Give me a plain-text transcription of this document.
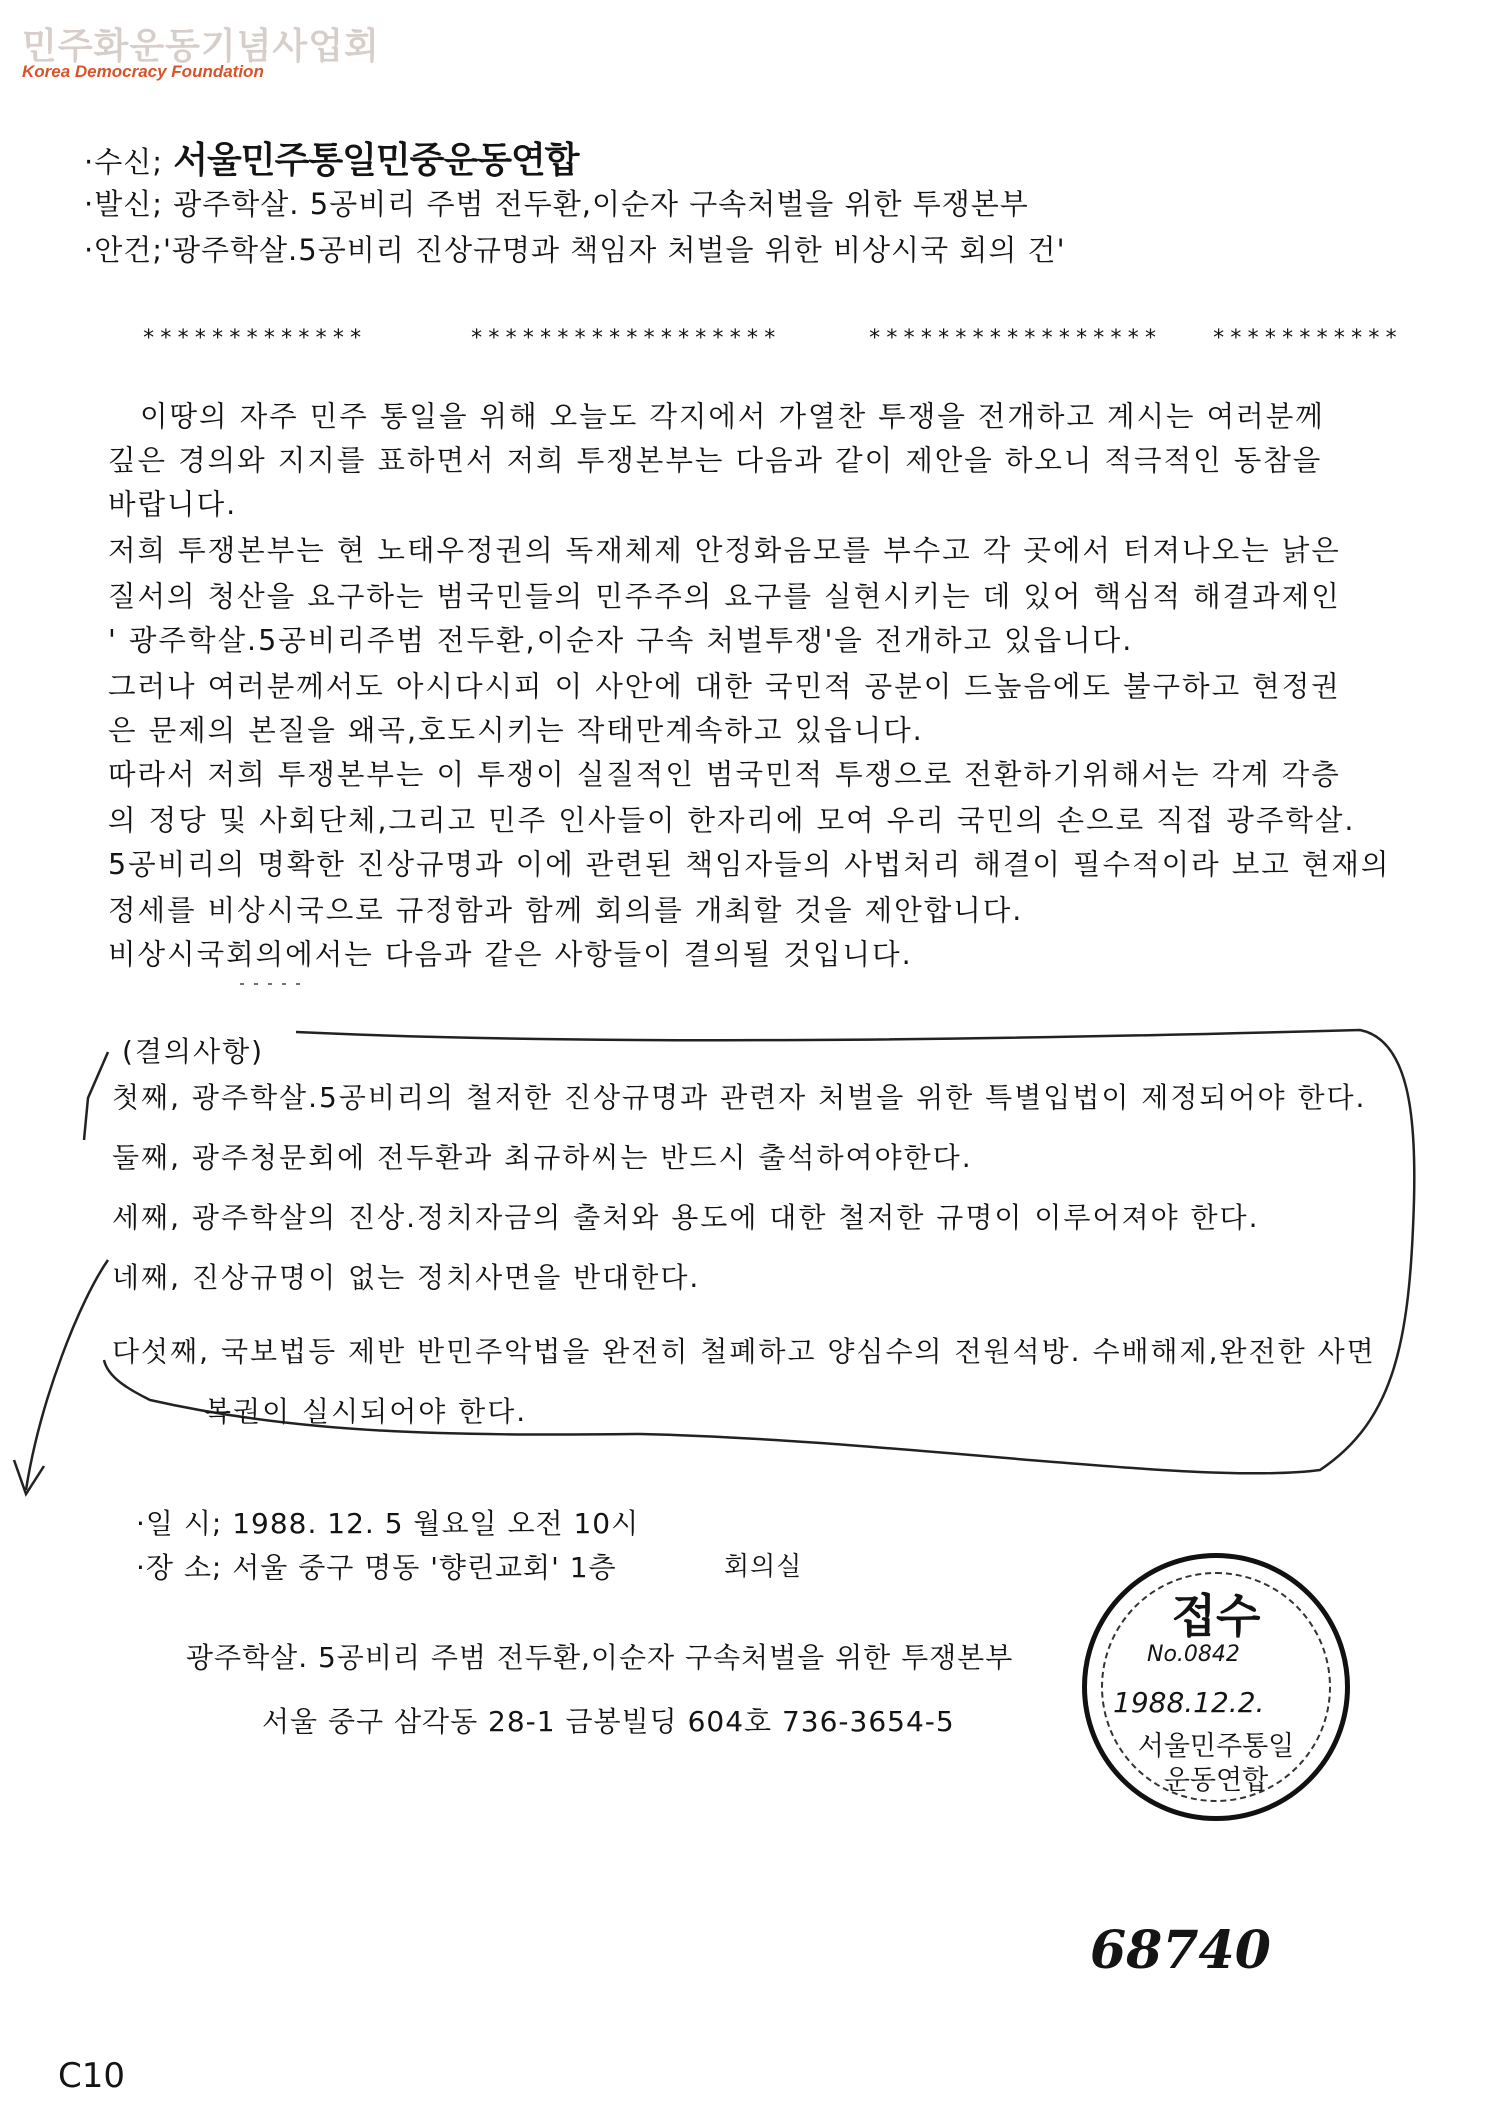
민주화운동기념사업회
Korea Democracy Foundation
·수신; 서울민주통일민중운동연합
·발신; 광주학살. 5공비리 주범 전두환,이순자 구속처벌을 위한 투쟁본부
·안건;'광주학살.5공비리 진상규명과 책임자 처벌을 위한 비상시국 회의 건'
*************	******************	***************** ***********
이땅의 자주 민주 통일을 위해 오늘도 각지에서 가열찬 투쟁을 전개하고 계시는 여러분께
깊은 경의와 지지를 표하면서 저희 투쟁본부는 다음과 같이 제안을 하오니 적극적인 동참을
바랍니다.
저희 투쟁본부는 현 노태우정권의 독재체제 안정화음모를 부수고 각 곳에서 터져나오는 낡은
질서의 청산을 요구하는 범국민들의 민주주의 요구를 실현시키는 데 있어 핵심적 해결과제인
' 광주학살.5공비리주범 전두환,이순자 구속 처벌투쟁'을 전개하고 있읍니다.
그러나 여러분께서도 아시다시피 이 사안에 대한 국민적 공분이 드높음에도 불구하고 현정권
은 문제의 본질을 왜곡,호도시키는 작태만계속하고 있읍니다.
따라서 저희 투쟁본부는 이 투쟁이 실질적인 범국민적 투쟁으로 전환하기위해서는 각계 각층
의 정당 및 사회단체,그리고 민주 인사들이 한자리에 모여 우리 국민의 손으로 직접 광주학살.
5공비리의 명확한 진상규명과 이에 관련된 책임자들의 사법처리 해결이 필수적이라 보고 현재의
정세를 비상시국으로 규정함과 함께 회의를 개최할 것을 제안합니다.
비상시국회의에서는 다음과 같은 사항들이 결의될 것입니다.
(결의사항)
첫째, 광주학살.5공비리의 철저한 진상규명과 관련자 처벌을 위한 특별입법이 제정되어야 한다.
둘째, 광주청문회에 전두환과 최규하씨는 반드시 출석하여야한다.
세째, 광주학살의 진상.정치자금의 출처와 용도에 대한 철저한 규명이 이루어져야 한다.
네째, 진상규명이 없는 정치사면을 반대한다.
다섯째, 국보법등 제반 반민주악법을 완전히 철폐하고 양심수의 전원석방. 수배해제,완전한 사면
복권이 실시되어야 한다.
·일 시; 1988. 12. 5 월요일 오전 10시
·장 소; 서울 중구 명동 '향린교회' 1층	회의실
광주학살. 5공비리 주범 전두환,이순자 구속처벌을 위한 투쟁본부
서울 중구 삼각동 28-1 금봉빌딩 604호 736-3654-5
접수
No.0842
1988.12.2.
서울민주통일
운동연합
68740
C10
